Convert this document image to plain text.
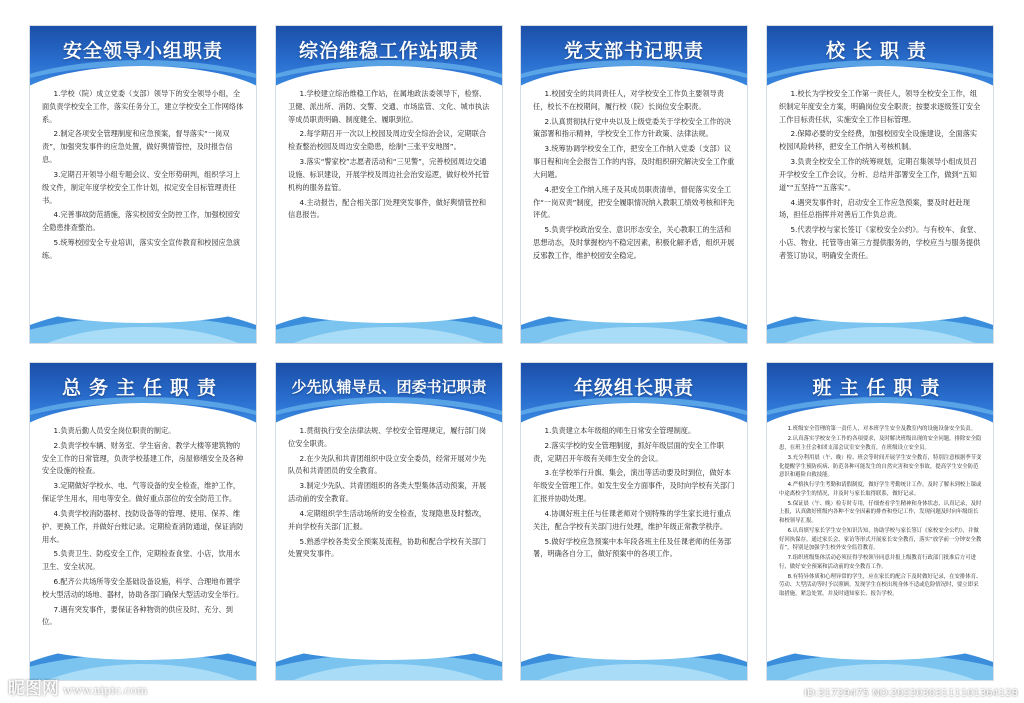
安全领导小组职责

1.学校（院）成立党委（支部）领导下的安全领导小组，全面负责学校安全工作，落实任务分工，建立学校安全工作网络体系。

2.制定各项安全管理制度和应急预案，督导落实“一岗双责”，加强突发事件的应急处置，做好舆情管控，及时报告信息。

3.定期召开领导小组专题会议、安全形势研判，组织学习上级文件，制定年度学校安全工作计划，拟定安全目标管理责任书。

4.完善事故防范措施，落实校园安全防控工作，加强校园安全隐患排查整治。

5.统筹校园安全专业培训，落实安全宣传教育和校园应急演练。

综治维稳工作站职责

1.学校建立综治维稳工作站，在属地政法委领导下，检察、卫健、派出所、消防、交警、交通、市场监管、文化、城市执法等成员职责明确、制度健全、履职到位。

2.每学期召开一次以上校园及周边安全综治会议，定期联合检查整治校园及周边安全隐患，绘制“三张平安地图”。

3.落实“警家校”志愿者活动和“三见警”，完善校园周边交通设施、标识建设，开展学校及周边社会治安巡逻，做好校外托管机构的服务监管。

4.主动报告，配合相关部门处理突发事件，做好舆情管控和信息报告。

党支部书记职责

1.校园安全的共同责任人，对学校安全工作负主要领导责任，校长不在校期间，履行校（院）长岗位安全职责。

2.认真贯彻执行党中央以及上级党委关于学校安全工作的决策部署和指示精神，学校安全工作方针政策、法律法规。

3.统筹协调学校安全工作，把安全工作纳入党委（支部）议事日程和向全会报告工作的内容，及时组织研究解决安全工作重大问题。

4.把安全工作纳入班子及其成员职责清单，督促落实安全工作“一岗双责”制度，把安全履职情况纳入教职工绩效考核和评先评优。

5.负责学校政治安全、意识形态安全，关心教职工的生活和思想动态，及时掌握校内不稳定因素，积极化解矛盾，组织开展反邪教工作，维护校园安全稳定。

校长职责

1.校长为学校安全工作第一责任人，领导全校安全工作，组织制定年度安全方案，明确岗位安全职责；按要求逐级签订安全工作目标责任状，实施安全工作目标管理。

2.保障必要的安全经费，加强校园安全设施建设，全面落实校园风险转移，把安全工作纳入考核机制。

3.负责全校安全工作的统筹规划，定期召集领导小组成员召开学校安全工作会议，分析、总结并部署安全工作，做到“五知道”“五坚持”“五落实”。

4.遇突发事件时，启动安全工作应急预案，要及时赶赴现场，担任总指挥并对善后工作负总责。

5.代表学校与家长签订《家校安全公约》。与有校车、食堂、小店、物业、托管等由第三方提供服务的，学校应当与服务提供者签订协议，明确安全责任。

总务主任职责

1.负责后勤人员安全岗位职责的制定。

2.负责学校车辆、财务室、学生宿舍、教学大楼等建筑物的安全工作的日常管理，负责学校基建工作，房屋修缮安全及各种安全设施的检查。

3.定期做好学校水、电、气等设备的安全检查，维护工作，保证学生用水，用电等安全。做好重点部位的安全防范工作。

4.负责学校消防器材、技防设备等的管理、使用、保养、维护、更换工作，并做好台账记录。定期检查消防通道，保证消防用水。

5.负责卫生、防疫安全工作，定期检查食堂、小店，饮用水卫生、安全状况。

6.配齐公共场所等安全基础设备设施，科学、合理地布置学校大型活动的场地、器材，协助各部门确保大型活动安全举行。

7.遇有突发事件，要保证各种物资的供应及时、充分、到位。

少先队辅导员、团委书记职责

1.贯彻执行安全法律法规、学校安全管理规定，履行部门岗位安全职责。

2.在少先队和共青团组织中设立安全委员，经常开展对少先队员和共青团员的安全教育。

3.制定少先队、共青团组织的各类大型集体活动预案，开展活动前的安全教育。

4.定期组织学生活动场所的安全检查，发现隐患及时整改，并向学校有关部门汇报。

5.熟悉学校各类安全预案及流程，协助和配合学校有关部门处置突发事件。

年级组长职责

1.负责建立本年级组的师生日常安全管理制度。

2.落实学校的安全管理制度，抓好年级层面的安全工作职责，定期召开年级有关师生安全的会议。

3.在学校举行升旗、集会，演出等活动要及时到位，做好本年级安全管理工作。如发生安全方面事件，及时向学校有关部门汇报并协助处理。

4.协调好班主任与任课老师对个别特殊的学生家长进行重点关注，配合学校有关部门进行处理，维护年级正常教学秩序。

5.做好学校应急预案中本年段各班主任及任课老师的任务部署，明确各自分工，做好预案中的各项工作。

班主任职责

1.班级安全管理的第一责任人，对本班学生安全及教室内的设施设备安全负责。

2.认真落实学校安全工作的各项要求，及时解决班级出现的安全问题，排除安全隐患，在班主任会和团支部会议室安全教育，在班级设立安全员。

3.充分利用晨（午、晚）检、班会等时间开展学生安全教育，特别注意根据季节变化提醒学生预防疾病、防范各种可能发生的自然灾害和安全事故，提高学生安全防范意识和避险自救技能。

4.严格执行学生考勤和请假制度，做好学生考勤统计工作，及时了解未到校上课或中途离校学生的情况，并及时与家长取得联系，做好记录。

5.保证晨（午、晚）检专时专用，仔细查看学生精神和身体状态，认真记录，及时上报，认真做好班级内各种不安全因素的排查和登记工作，发现问题及时向年级组长和校领导汇报。

6.认真填写家长学生安全知识告知，协助学校与家长签订《家校安全公约》，并做好回执保存。通过家长会、家访等形式开展家长安全教育，落实“放学前一分钟安全教育”，特别是加强学生校外安全监管教育。

7.组织班级集体活动必须征得学校领导同意并报上级教育行政部门批准后方可进行，做好安全预案和活动前的安全教育工作。

8.有特异体质和心理异常的学生，应在家长的配合下及时做好记录，在安排体育、劳动、大型活动等时予以照顾。发现学生在校出现身体不适或危险情况时，要立即采取措施，紧急处置，并及时通知家长、报告学校。

昵图网 www.nipic.com	ID:31729475 NO:20220303111101364128
